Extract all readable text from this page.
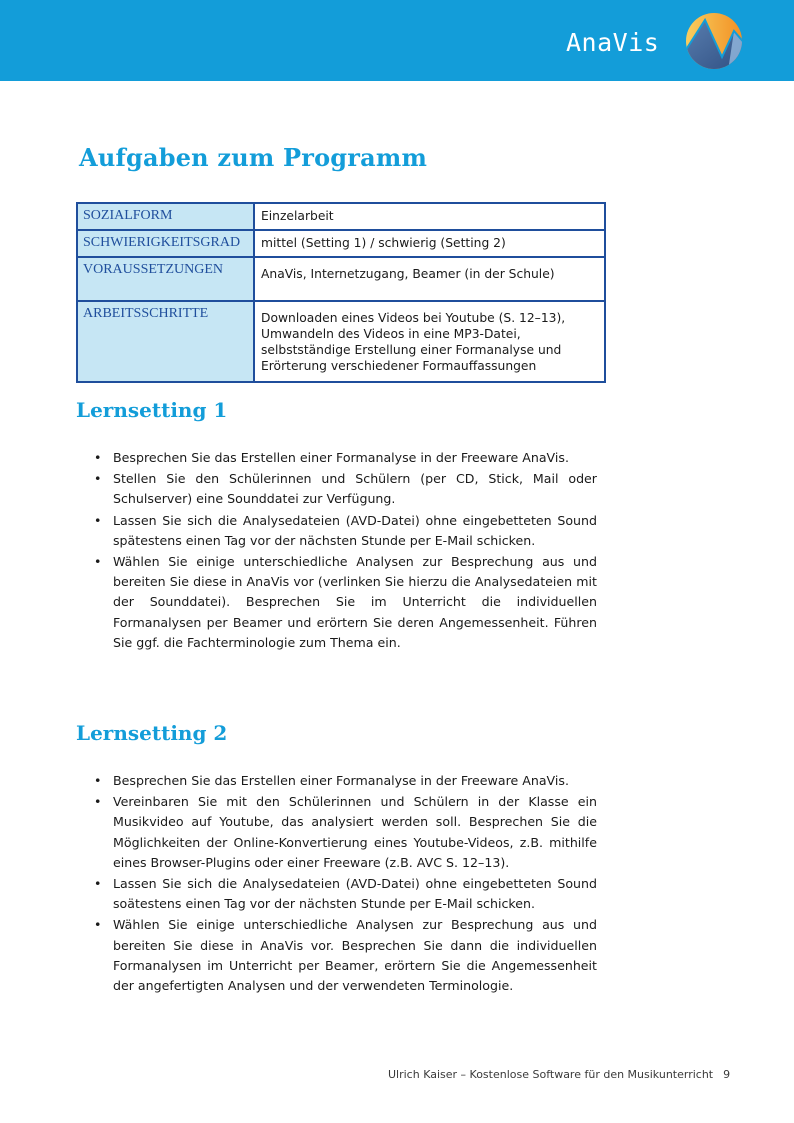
AnaVis
Aufgaben zum Programm
SOZIALFORM	Einzelarbeit
SCHWIERIGKEITSGRAD	mittel (Setting 1) / schwierig (Setting 2)
VORAUSSETZUNGEN	AnaVis, Internetzugang, Beamer (in der Schule)
ARBEITSSCHRITTE	Downloaden eines Videos bei Youtube (S. 12–13), Umwandeln des Videos in eine MP3-Datei, selbstständige Erstellung einer Formanalyse und Erörterung verschiedener Formauffassungen
Lernsetting 1
• Besprechen Sie das Erstellen einer Formanalyse in der Freeware AnaVis.
• Stellen Sie den Schülerinnen und Schülern (per CD, Stick, Mail oder Schulserver) eine Sounddatei zur Verfügung.
• Lassen Sie sich die Analysedateien (AVD-Datei) ohne eingebetteten Sound spätestens einen Tag vor der nächsten Stunde per E-Mail schicken.
• Wählen Sie einige unterschiedliche Analysen zur Besprechung aus und bereiten Sie diese in AnaVis vor (verlinken Sie hierzu die Analysedateien mit der Sounddatei). Besprechen Sie im Unterricht die individuellen Formanalysen per Beamer und erörtern Sie deren Angemessenheit. Führen Sie ggf. die Fachterminologie zum Thema ein.
Lernsetting 2
• Besprechen Sie das Erstellen einer Formanalyse in der Freeware AnaVis.
• Vereinbaren Sie mit den Schülerinnen und Schülern in der Klasse ein Musikvideo auf Youtube, das analysiert werden soll. Besprechen Sie die Möglichkeiten der Online-Konvertierung eines Youtube-Videos, z.B. mithilfe eines Browser-Plugins oder einer Freeware (z.B. AVC S. 12–13).
• Lassen Sie sich die Analysedateien (AVD-Datei) ohne eingebetteten Sound soätestens einen Tag vor der nächsten Stunde per E-Mail schicken.
• Wählen Sie einige unterschiedliche Analysen zur Besprechung aus und bereiten Sie diese in AnaVis vor. Besprechen Sie dann die individuellen Formanalysen im Unterricht per Beamer, erörtern Sie die Angemessenheit der angefertigten Analysen und der verwendeten Terminologie.
Ulrich Kaiser – Kostenlose Software für den Musikunterricht 9
